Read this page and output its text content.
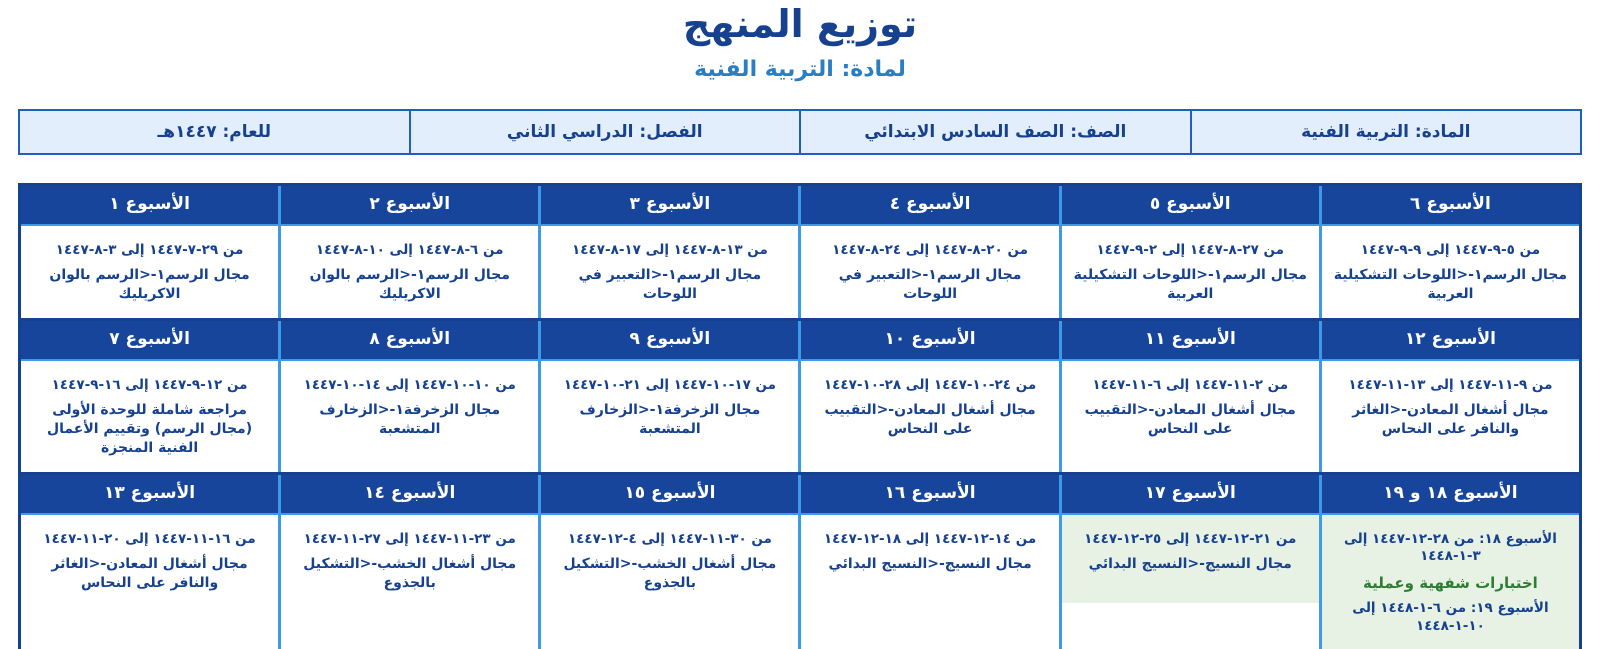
توزيع المنهج
لمادة: التربية الفنية
المادة: التربية الفنية
الصف: الصف السادس الابتدائي
الفصل: الدراسي الثاني
للعام: ١٤٤٧هـ
الأسبوع ٦
من ٥-٩-١٤٤٧ إلى ٩-٩-١٤٤٧
مجال الرسم١-<اللوحات التشكيلية العربية
الأسبوع ٥
من ٢٧-٨-١٤٤٧ إلى ٢-٩-١٤٤٧
مجال الرسم١-<اللوحات التشكيلية العربية
الأسبوع ٤
من ٢٠-٨-١٤٤٧ إلى ٢٤-٨-١٤٤٧
مجال الرسم١-<التعبير في اللوحات
الأسبوع ٣
من ١٣-٨-١٤٤٧ إلى ١٧-٨-١٤٤٧
مجال الرسم١-<التعبير في اللوحات
الأسبوع ٢
من ٦-٨-١٤٤٧ إلى ١٠-٨-١٤٤٧
مجال الرسم١-<الرسم بالوان الاكريليك
الأسبوع ١
من ٢٩-٧-١٤٤٧ إلى ٣-٨-١٤٤٧
مجال الرسم١-<الرسم بالوان الاكريليك
الأسبوع ١٢
من ٩-١١-١٤٤٧ إلى ١٣-١١-١٤٤٧
مجال أشغال المعادن-<الغاثر والنافر على النحاس
الأسبوع ١١
من ٢-١١-١٤٤٧ إلى ٦-١١-١٤٤٧
مجال أشغال المعادن-<التقبيب على النحاس
الأسبوع ١٠
من ٢٤-١٠-١٤٤٧ إلى ٢٨-١٠-١٤٤٧
مجال أشغال المعادن-<التقبيب على النحاس
الأسبوع ٩
من ١٧-١٠-١٤٤٧ إلى ٢١-١٠-١٤٤٧
مجال الزخرفة١-<الزخارف المتشعبة
الأسبوع ٨
من ١٠-١٠-١٤٤٧ إلى ١٤-١٠-١٤٤٧
مجال الزخرفة١-<الزخارف المتشعبة
الأسبوع ٧
من ١٢-٩-١٤٤٧ إلى ١٦-٩-١٤٤٧
مراجعة شاملة للوحدة الأولى (مجال الرسم) وتقييم الأعمال الفنية المنجزة
الأسبوع ١٨ و ١٩
الأسبوع ١٨: من ٢٨-١٢-١٤٤٧ إلى ٣-١-١٤٤٨
اختبارات شفهية وعملية
الأسبوع ١٩: من ٦-١-١٤٤٨ إلى ١٠-١-١٤٤٨
الأسبوع ١٧
من ٢١-١٢-١٤٤٧ إلى ٢٥-١٢-١٤٤٧
مجال النسيج-<النسيج البدائي
الأسبوع ١٦
من ١٤-١٢-١٤٤٧ إلى ١٨-١٢-١٤٤٧
مجال النسيج-<النسيج البدائي
الأسبوع ١٥
من ٣٠-١١-١٤٤٧ إلى ٤-١٢-١٤٤٧
مجال أشغال الخشب-<التشكيل بالجذوع
الأسبوع ١٤
من ٢٣-١١-١٤٤٧ إلى ٢٧-١١-١٤٤٧
مجال أشغال الخشب-<التشكيل بالجذوع
الأسبوع ١٣
من ١٦-١١-١٤٤٧ إلى ٢٠-١١-١٤٤٧
مجال أشغال المعادن-<الغاثر والنافر على النحاس
